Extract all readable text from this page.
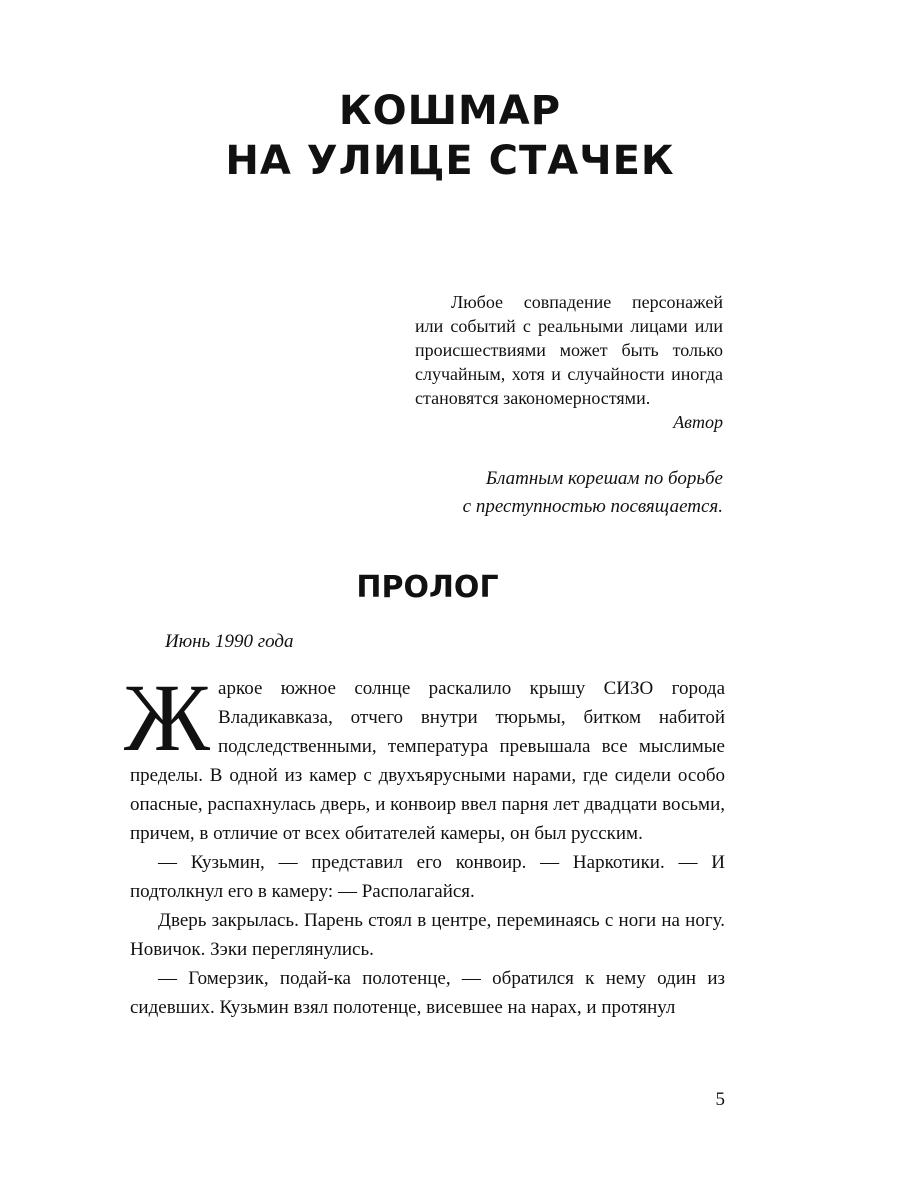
КОШМАР
НА УЛИЦЕ СТАЧЕК

Любое совпадение персонажей или событий с реальными лицами или происшествиями может быть только случайным, хотя и случайности иногда становятся закономерностями.

Автор

Блатным корешам по борьбе
с преступностью посвящается.
ПРОЛОГ
Июнь 1990 года

Жаркое южное солнце раскалило крышу СИЗО города Владикавказа, отчего внутри тюрьмы, битком набитой подследственными, температура превышала все мыслимые пределы. В одной из камер с двухъярусными нарами, где сидели особо опасные, распахнулась дверь, и конвоир ввел парня лет двадцати восьми, причем, в отличие от всех обитателей камеры, он был русским.

— Кузьмин, — представил его конвоир. — Наркотики. — И подтолкнул его в камеру: — Располагайся.

Дверь закрылась. Парень стоял в центре, переминаясь с ноги на ногу. Новичок. Зэки переглянулись.

— Гомерзик, подай-ка полотенце, — обратился к нему один из сидевших. Кузьмин взял полотенце, висевшее на нарах, и протянул

5
